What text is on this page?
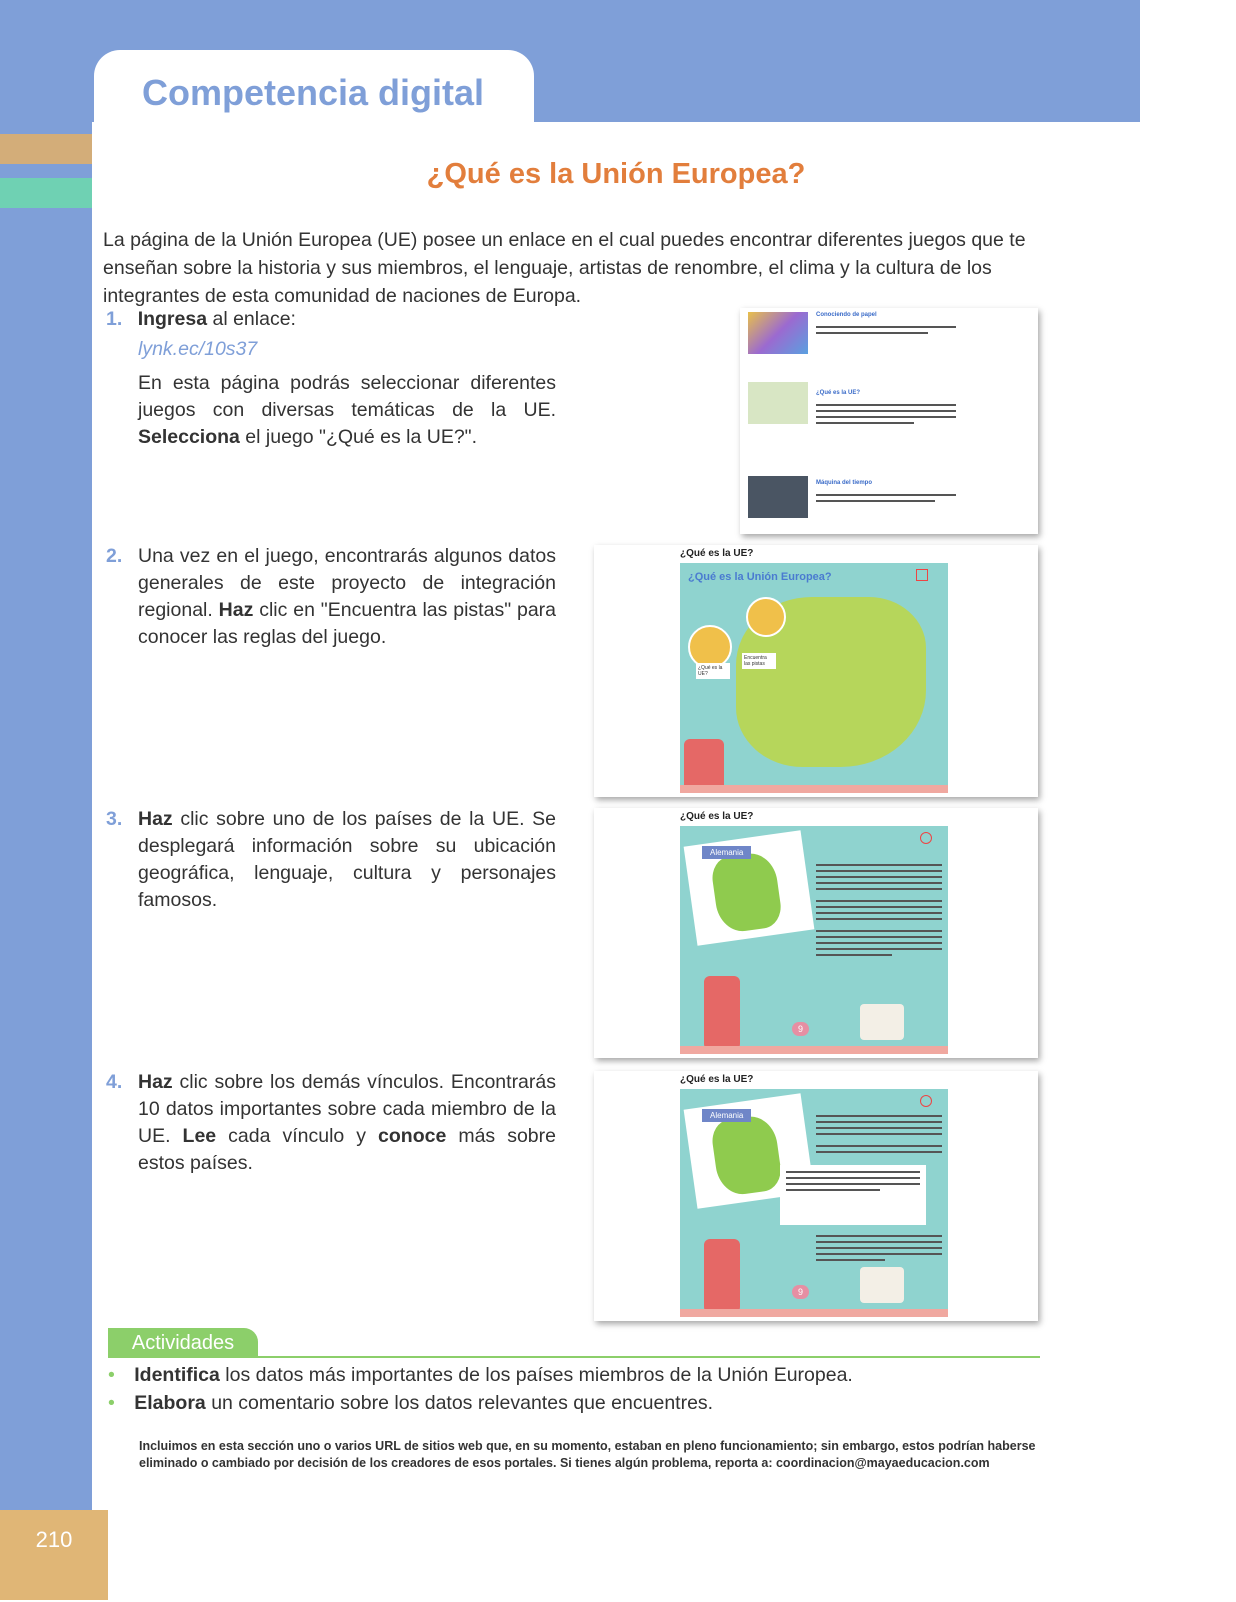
210
Competencia digital
¿Qué es la Unión Europea?
La página de la Unión Europea (UE) posee un enlace en el cual puedes encontrar diferentes juegos que te enseñan sobre la historia y sus miembros, el lenguaje, artistas de renombre, el clima y la cultura de los integrantes de esta comunidad de naciones de Europa.
1. Ingresa al enlace:
lynk.ec/10s37
En esta página podrás seleccionar diferentes juegos con diversas temáticas de la UE. Selecciona el juego "¿Qué es la UE?".
2. Una vez en el juego, encontrarás algunos datos generales de este proyecto de integración regional. Haz clic en "Encuentra las pistas" para conocer las reglas del juego.
3. Haz clic sobre uno de los países de la UE. Se desplegará información sobre su ubicación geográfica, lenguaje, cultura y personajes famosos.
4. Haz clic sobre los demás vínculos. Encontrarás 10 datos importantes sobre cada miembro de la UE. Lee cada vínculo y conoce más sobre estos países.
Conociendo de papel
¿Qué es la UE?
Máquina del tiempo
¿Qué es la UE?
¿Qué es la Unión Europea?
¿Qué es la UE?
Encuentra las pistas
¿Qué es la UE?
Alemania
9
¿Qué es la UE?
Alemania
9
Actividades
• Identifica los datos más importantes de los países miembros de la Unión Europea.
• Elabora un comentario sobre los datos relevantes que encuentres.
Incluimos en esta sección uno o varios URL de sitios web que, en su momento, estaban en pleno funcionamiento; sin embargo, estos podrían haberse eliminado o cambiado por decisión de los creadores de esos portales. Si tienes algún problema, reporta a: coordinacion@mayaeducacion.com
